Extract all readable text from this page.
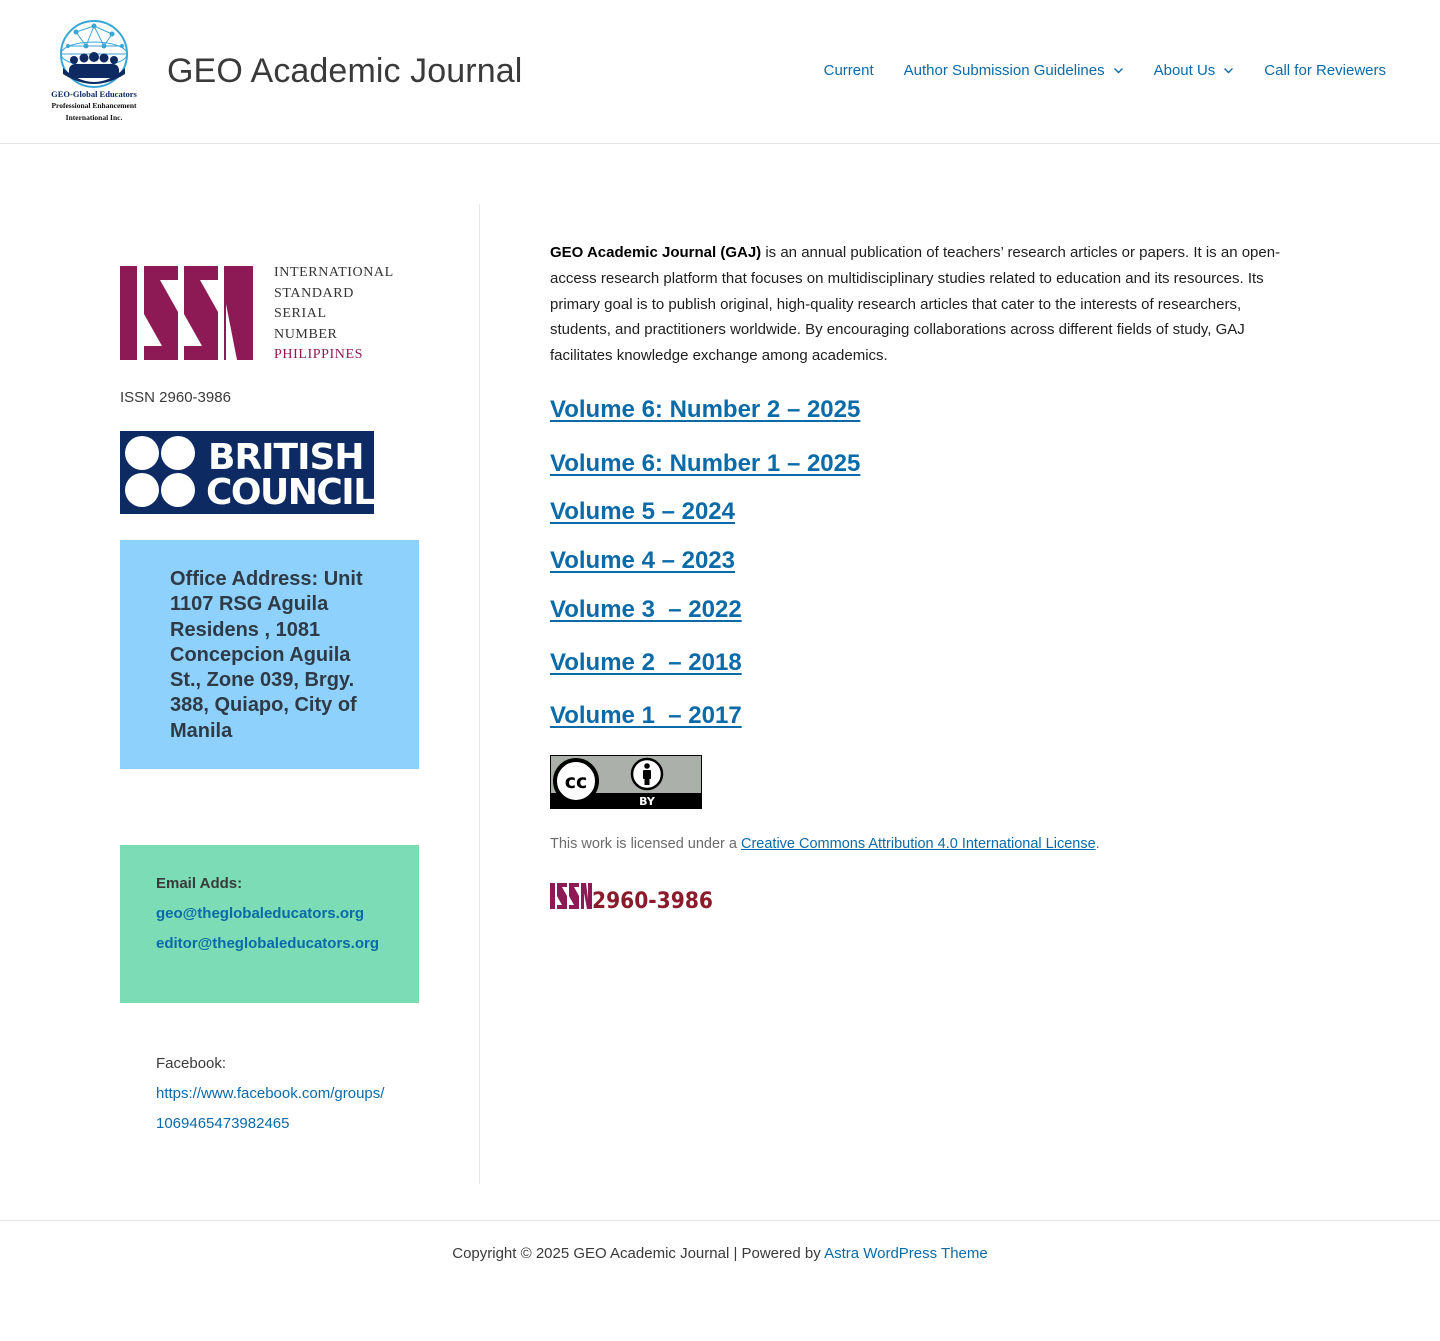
GEO-Global Educators
Professional Enhancement
International Inc.
GEO Academic Journal	Current Author Submission Guidelines	About Us	Call for Reviewers
INTERNATIONAL
STANDARD
SERIAL
NUMBER
PHILIPPINES
ISSN 2960-3986
BRITISH
COUNCIL
Office Address: Unit 1107 RSG Aguila Residens , 1081 Concepcion Aguila St., Zone 039, Brgy. 388, Quiapo, City of Manila
Email Adds:
geo@theglobaleducators.org
editor@theglobaleducators.org
Facebook:
https://www.facebook.com/groups/1069465473982465
GEO Academic Journal (GAJ) is an annual publication of teachers’ research articles or papers. It is an open-access research platform that focuses on multidisciplinary studies related to education and its resources. Its primary goal is to publish original, high-quality research articles that cater to the interests of researchers, students, and practitioners worldwide. By encouraging collaborations across different fields of study, GAJ facilitates knowledge exchange among academics.
Volume 6: Number 2 – 2025
Volume 6: Number 1 – 2025
Volume 5 – 2024
Volume 4 – 2023
Volume 3  – 2022
Volume 2  – 2018
Volume 1  – 2017
cc
BY
This work is licensed under a Creative Commons Attribution 4.0 International License.
2960-3986
Copyright © 2025 GEO Academic Journal | Powered by Astra WordPress Theme
